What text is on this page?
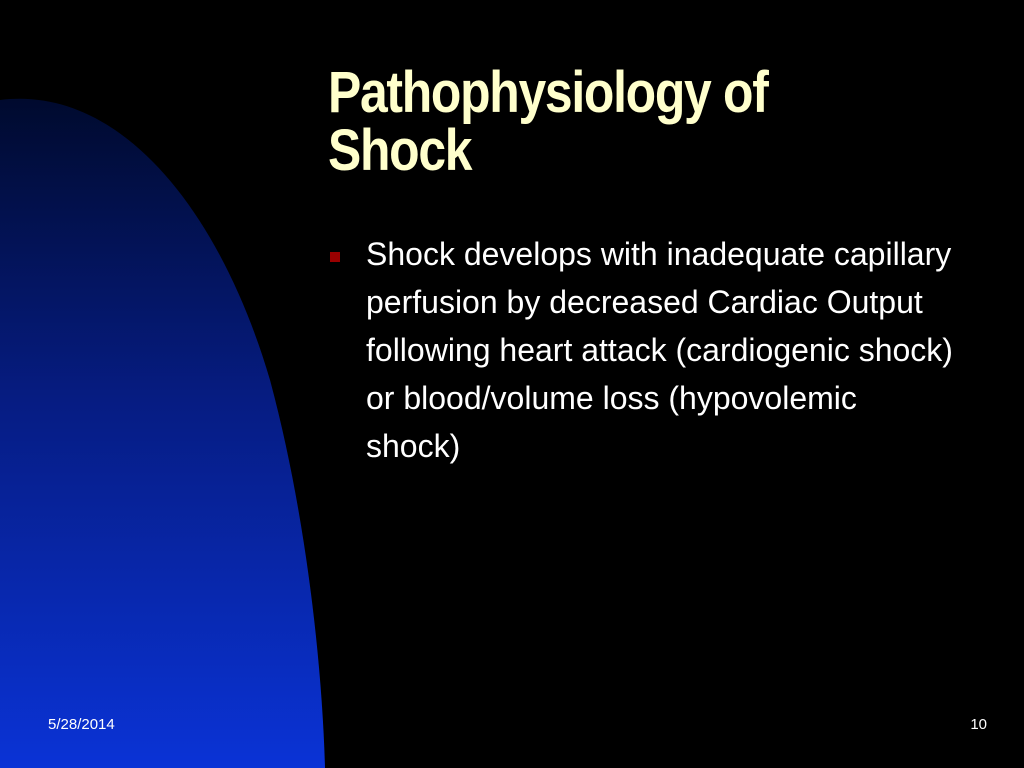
Pathophysiology of
Shock
Shock develops with inadequate capillary perfusion by decreased Cardiac Output following heart attack (cardiogenic shock) or blood/volume loss (hypovolemic shock)
5/28/2014	10
